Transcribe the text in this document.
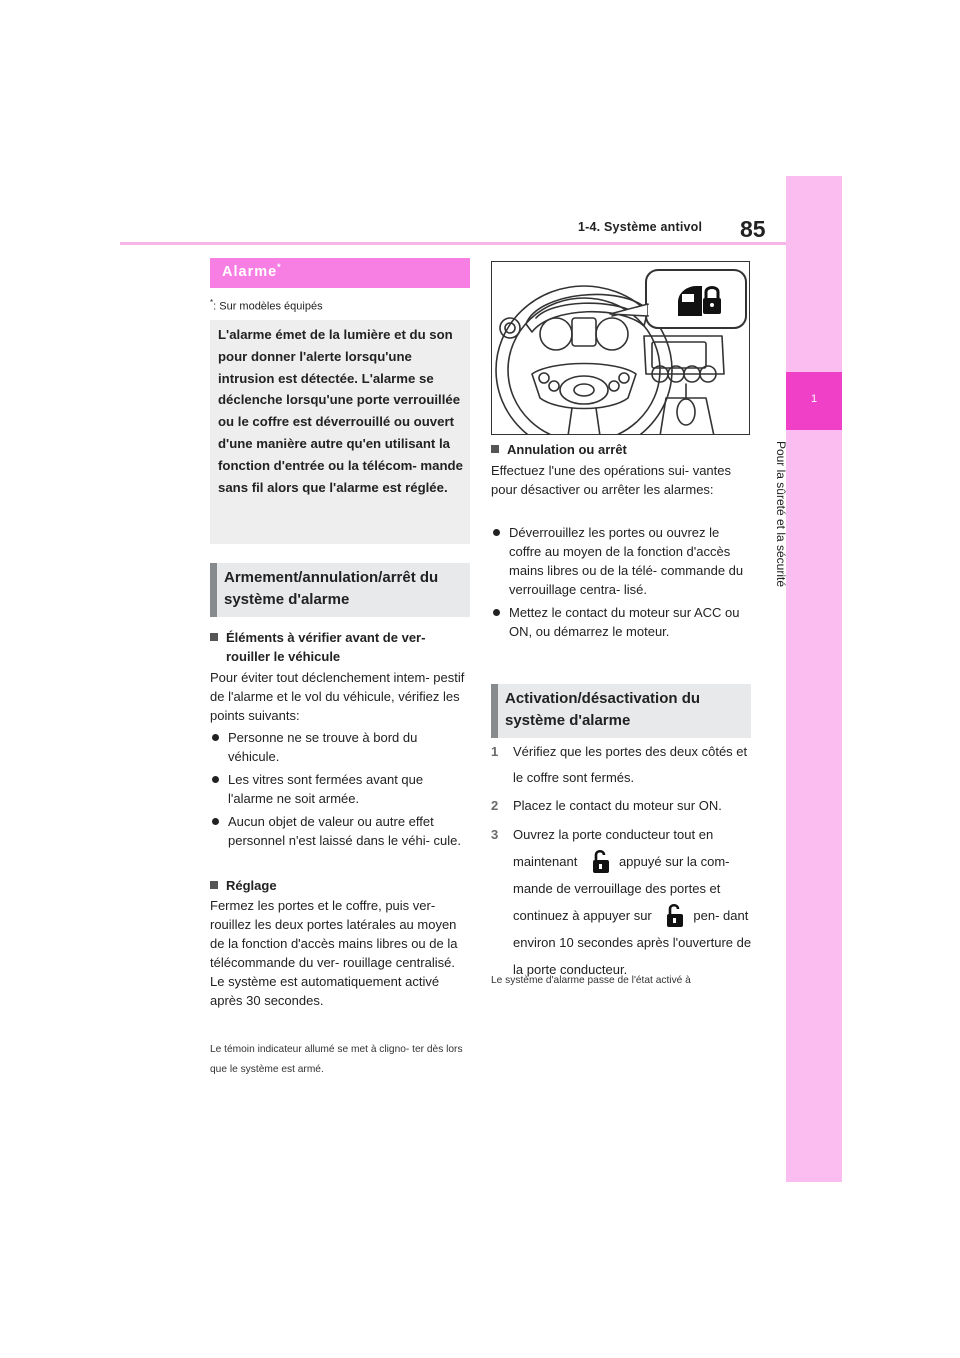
1-4. Système antivol 85
1
Pour la sûreté et la sécurité
Alarme*
*: Sur modèles équipés
L'alarme émet de la lumière et du son pour donner l'alerte lorsqu'une intrusion est détectée. L'alarme se déclenche lorsqu'une porte verrouillée ou le coffre est déverrouillé ou ouvert d'une manière autre qu'en utilisant la fonction d'entrée ou la télécom- mande sans fil alors que l'alarme est réglée.
Armement/annulation/arrêt du
système d'alarme
Éléments à vérifier avant de ver-
rouiller le véhicule
Pour éviter tout déclenchement intem- pestif de l'alarme et le vol du véhicule, vérifiez les points suivants:
Personne ne se trouve à bord du véhicule.
Les vitres sont fermées avant que l'alarme ne soit armée.
Aucun objet de valeur ou autre effet personnel n'est laissé dans le véhi- cule.
Réglage
Fermez les portes et le coffre, puis ver- rouillez les deux portes latérales au moyen de la fonction d'accès mains libres ou de la télécommande du ver- rouillage centralisé. Le système est automatiquement activé après 30 secondes.
Le témoin indicateur allumé se met à cligno- ter dès lors que le système est armé.
Annulation ou arrêt
Effectuez l'une des opérations sui- vantes pour désactiver ou arrêter les alarmes:
Déverrouillez les portes ou ouvrez le coffre au moyen de la fonction d'accès mains libres ou de la télé- commande du verrouillage centra- lisé.
Mettez le contact du moteur sur ACC ou ON, ou démarrez le moteur.
Activation/désactivation du
système d'alarme
1 Vérifiez que les portes des deux côtés et le coffre sont fermés.
2 Placez le contact du moteur sur ON.
3 Ouvrez la porte conducteur tout en maintenant	appuyé sur la com- mande de verrouillage des portes et continuez à appuyer sur	pen- dant environ 10 secondes après l'ouverture de la porte conducteur.
Le système d'alarme passe de l'état activé à
